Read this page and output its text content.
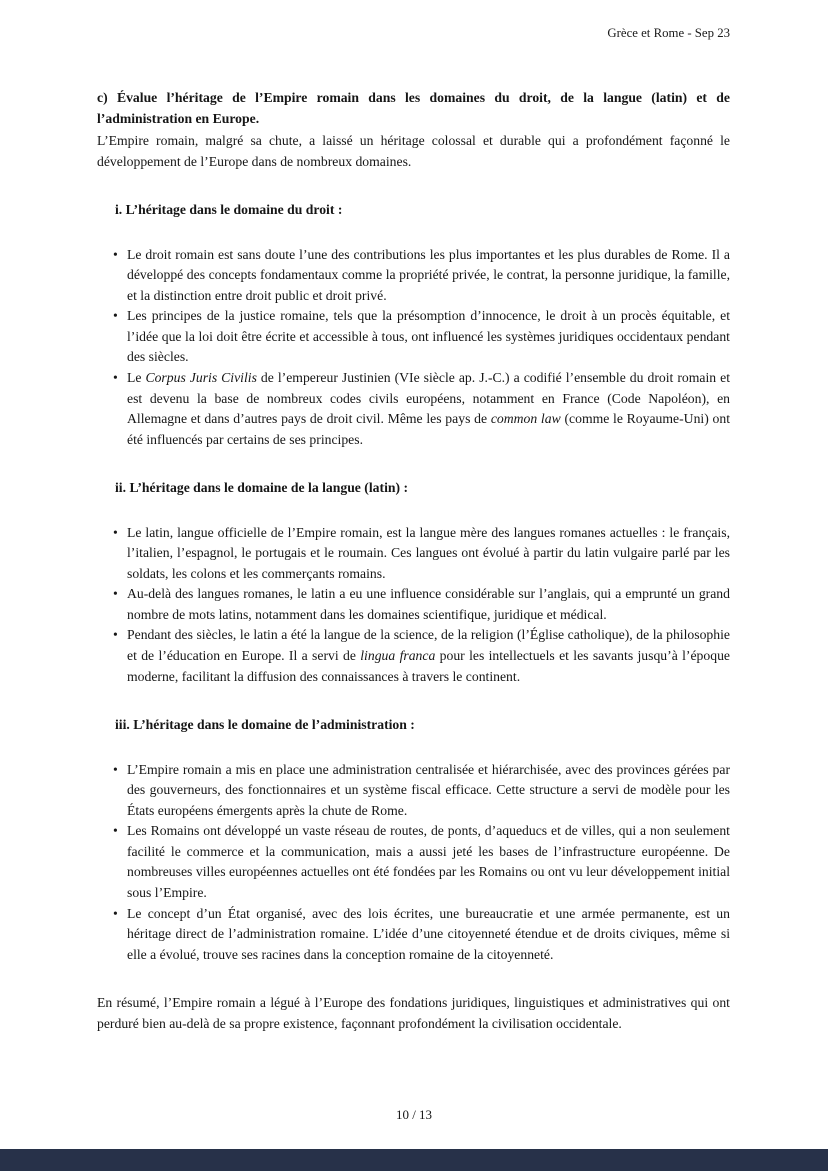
Grèce et Rome - Sep 23
c) Évalue l’héritage de l’Empire romain dans les domaines du droit, de la langue (latin) et de l’administration en Europe.
L’Empire romain, malgré sa chute, a laissé un héritage colossal et durable qui a profondément façonné le développement de l’Europe dans de nombreux domaines.
i. L’héritage dans le domaine du droit :
• Le droit romain est sans doute l’une des contributions les plus importantes et les plus durables de Rome. Il a développé des concepts fondamentaux comme la propriété privée, le contrat, la personne juridique, la famille, et la distinction entre droit public et droit privé.
• Les principes de la justice romaine, tels que la présomption d’innocence, le droit à un procès équitable, et l’idée que la loi doit être écrite et accessible à tous, ont influencé les systèmes juridiques occidentaux pendant des siècles.
• Le Corpus Juris Civilis de l’empereur Justinien (VIe siècle ap. J.-C.) a codifié l’ensemble du droit romain et est devenu la base de nombreux codes civils européens, notamment en France (Code Napoléon), en Allemagne et dans d’autres pays de droit civil. Même les pays de common law (comme le Royaume-Uni) ont été influencés par certains de ses principes.
ii. L’héritage dans le domaine de la langue (latin) :
• Le latin, langue officielle de l’Empire romain, est la langue mère des langues romanes actuelles : le français, l’italien, l’espagnol, le portugais et le roumain. Ces langues ont évolué à partir du latin vulgaire parlé par les soldats, les colons et les commerçants romains.
• Au-delà des langues romanes, le latin a eu une influence considérable sur l’anglais, qui a emprunté un grand nombre de mots latins, notamment dans les domaines scientifique, juridique et médical.
• Pendant des siècles, le latin a été la langue de la science, de la religion (l’Église catholique), de la philosophie et de l’éducation en Europe. Il a servi de lingua franca pour les intellectuels et les savants jusqu’à l’époque moderne, facilitant la diffusion des connaissances à travers le continent.
iii. L’héritage dans le domaine de l’administration :
• L’Empire romain a mis en place une administration centralisée et hiérarchisée, avec des provinces gérées par des gouverneurs, des fonctionnaires et un système fiscal efficace. Cette structure a servi de modèle pour les États européens émergents après la chute de Rome.
• Les Romains ont développé un vaste réseau de routes, de ponts, d’aqueducs et de villes, qui a non seulement facilité le commerce et la communication, mais a aussi jeté les bases de l’infrastructure européenne. De nombreuses villes européennes actuelles ont été fondées par les Romains ou ont vu leur développement initial sous l’Empire.
• Le concept d’un État organisé, avec des lois écrites, une bureaucratie et une armée permanente, est un héritage direct de l’administration romaine. L’idée d’une citoyenneté étendue et de droits civiques, même si elle a évolué, trouve ses racines dans la conception romaine de la citoyenneté.
En résumé, l’Empire romain a légué à l’Europe des fondations juridiques, linguistiques et administratives qui ont perduré bien au-delà de sa propre existence, façonnant profondément la civilisation occidentale.
10 / 13
